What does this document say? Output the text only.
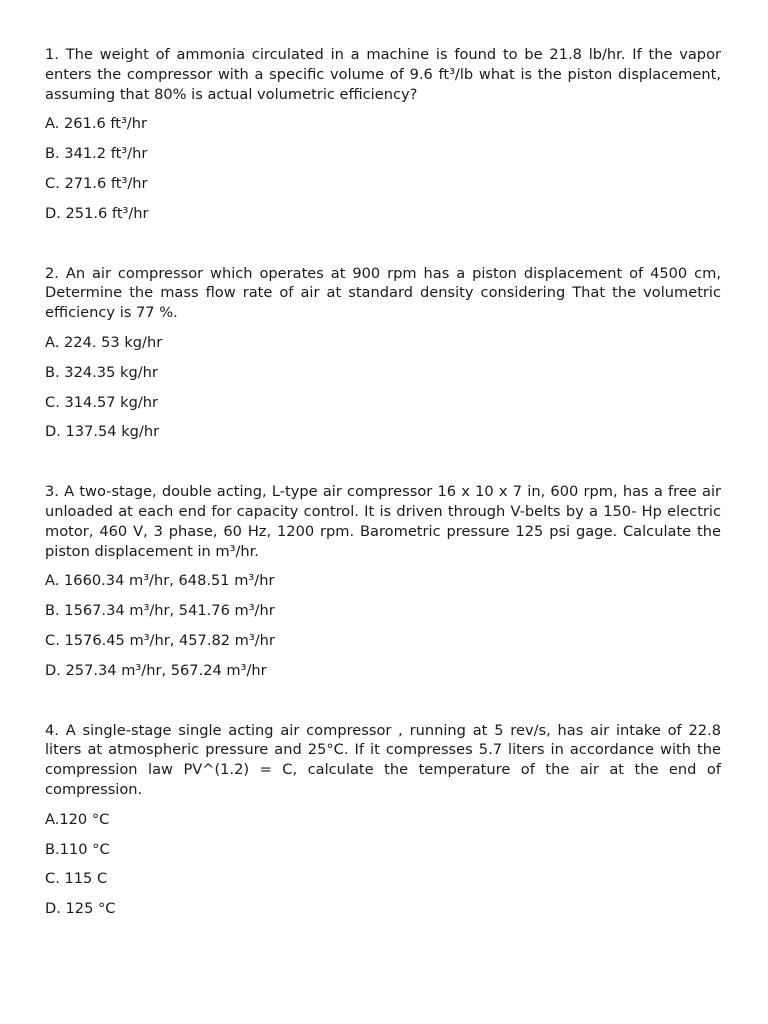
1. The weight of ammonia circulated in a machine is found to be 21.8 lb/hr. If the vapor enters the compressor with a specific volume of 9.6 ft³/lb what is the piston displacement, assuming that 80% is actual volumetric efficiency?

A. 261.6 ft³/hr

B. 341.2 ft³/hr

C. 271.6 ft³/hr

D. 251.6 ft³/hr

2. An air compressor which operates at 900 rpm has a piston displacement of 4500 cm, Determine the mass flow rate of air at standard density considering That the volumetric efficiency is 77 %.

A. 224. 53 kg/hr

B. 324.35 kg/hr

C. 314.57 kg/hr

D. 137.54 kg/hr

3. A two-stage, double acting, L-type air compressor 16 x 10 x 7 in, 600 rpm, has a free air unloaded at each end for capacity control. It is driven through V-belts by a 150- Hp electric motor, 460 V, 3 phase, 60 Hz, 1200 rpm. Barometric pressure 125 psi gage. Calculate the piston displacement in m³/hr.

A. 1660.34 m³/hr, 648.51 m³/hr

B. 1567.34 m³/hr, 541.76 m³/hr

C. 1576.45 m³/hr, 457.82 m³/hr

D. 257.34 m³/hr, 567.24 m³/hr

4. A single-stage single acting air compressor , running at 5 rev/s, has air intake of 22.8 liters at atmospheric pressure and 25°C. If it compresses 5.7 liters in accordance with the compression law PV^(1.2) = C, calculate the temperature of the air at the end of compression.

A.120 °C

B.110 °C

C. 115 C

D. 125 °C
